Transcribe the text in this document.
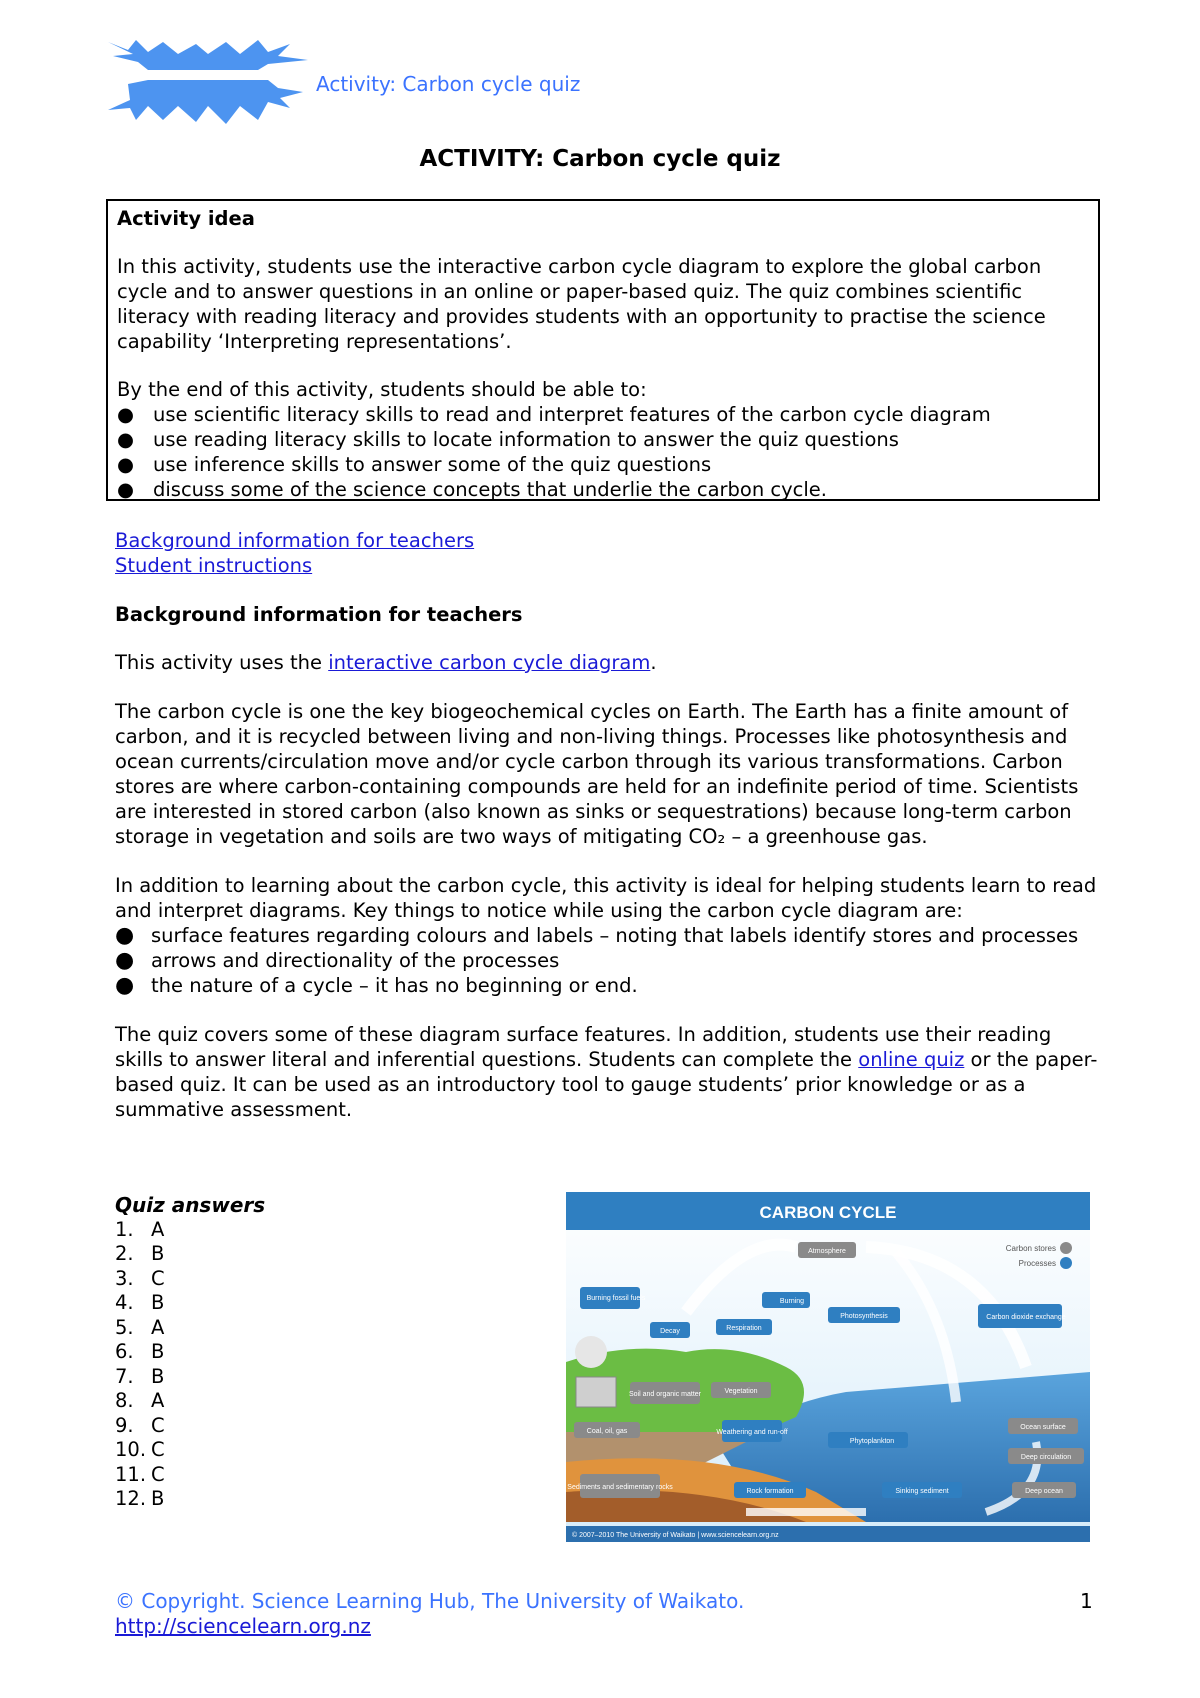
Activity: Carbon cycle quiz
ACTIVITY: Carbon cycle quiz
Activity idea

In this activity, students use the interactive carbon cycle diagram to explore the global carbon cycle and to answer questions in an online or paper-based quiz. The quiz combines scientific literacy with reading literacy and provides students with an opportunity to practise the science capability ‘Interpreting representations’.

By the end of this activity, students should be able to:

● use scientific literacy skills to read and interpret features of the carbon cycle diagram
● use reading literacy skills to locate information to answer the quiz questions
● use inference skills to answer some of the quiz questions
● discuss some of the science concepts that underlie the carbon cycle.
Background information for teachers
Student instructions
Background information for teachers

This activity uses the interactive carbon cycle diagram.

The carbon cycle is one the key biogeochemical cycles on Earth. The Earth has a finite amount of carbon, and it is recycled between living and non-living things. Processes like photosynthesis and ocean currents/circulation move and/or cycle carbon through its various transformations. Carbon stores are where carbon-containing compounds are held for an indefinite period of time. Scientists are interested in stored carbon (also known as sinks or sequestrations) because long-term carbon storage in vegetation and soils are two ways of mitigating CO₂ – a greenhouse gas.

In addition to learning about the carbon cycle, this activity is ideal for helping students learn to read and interpret diagrams. Key things to notice while using the carbon cycle diagram are:

● surface features regarding colours and labels – noting that labels identify stores and processes
● arrows and directionality of the processes
● the nature of a cycle – it has no beginning or end.

The quiz covers some of these diagram surface features. In addition, students use their reading skills to answer literal and inferential questions. Students can complete the online quiz or the paper-based quiz. It can be used as an introductory tool to gauge students’ prior knowledge or as a summative assessment.

Quiz answers
1. A
2. B
3. C
4. B
5. A
6. B
7. B
8. A
9. C
10. C
11. C
12. B
CARBON CYCLE
Carbon stores
Processes
Atmosphere
Burning fossil fuels	Burning
Decay	Respiration
Photosynthesis	Carbon dioxide exchange
Soil and organic matter	Vegetation
Coal, oil, gas	Weathering and run-off
Phytoplankton
Ocean surface
Deep circulation
Sediments and sedimentary rocks
Rock formation	Sinking sediment	Deep ocean
© 2007–2010 The University of Waikato | www.sciencelearn.org.nz
© Copyright. Science Learning Hub, The University of Waikato.
http://sciencelearn.org.nz
1
